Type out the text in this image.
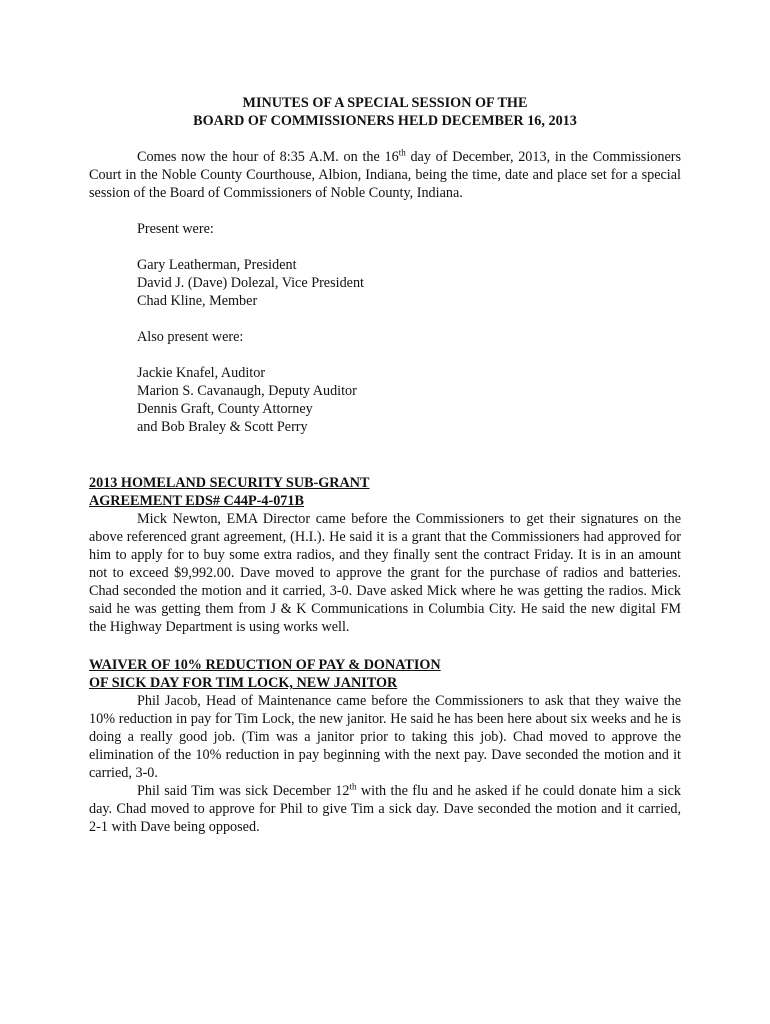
MINUTES OF A SPECIAL SESSION OF THE
BOARD OF COMMISSIONERS HELD DECEMBER 16, 2013

Comes now the hour of 8:35 A.M. on the 16th day of December, 2013, in the Commissioners Court in the Noble County Courthouse, Albion, Indiana, being the time, date and place set for a special session of the Board of Commissioners of Noble County, Indiana.

Present were:
Gary Leatherman, President
David J. (Dave) Dolezal, Vice President
Chad Kline, Member
Also present were:
Jackie Knafel, Auditor
Marion S. Cavanaugh, Deputy Auditor
Dennis Graft, County Attorney
and Bob Braley & Scott Perry
2013 HOMELAND SECURITY SUB-GRANT
AGREEMENT EDS# C44P-4-071B

Mick Newton, EMA Director came before the Commissioners to get their signatures on the above referenced grant agreement, (H.I.). He said it is a grant that the Commissioners had approved for him to apply for to buy some extra radios, and they finally sent the contract Friday. It is in an amount not to exceed $9,992.00. Dave moved to approve the grant for the purchase of radios and batteries. Chad seconded the motion and it carried, 3-0. Dave asked Mick where he was getting the radios. Mick said he was getting them from J & K Communications in Columbia City. He said the new digital FM the Highway Department is using works well.

WAIVER OF 10% REDUCTION OF PAY & DONATION
OF SICK DAY FOR TIM LOCK, NEW JANITOR

Phil Jacob, Head of Maintenance came before the Commissioners to ask that they waive the 10% reduction in pay for Tim Lock, the new janitor. He said he has been here about six weeks and he is doing a really good job. (Tim was a janitor prior to taking this job). Chad moved to approve the elimination of the 10% reduction in pay beginning with the next pay. Dave seconded the motion and it carried, 3-0.

Phil said Tim was sick December 12th with the flu and he asked if he could donate him a sick day. Chad moved to approve for Phil to give Tim a sick day. Dave seconded the motion and it carried, 2-1 with Dave being opposed.
